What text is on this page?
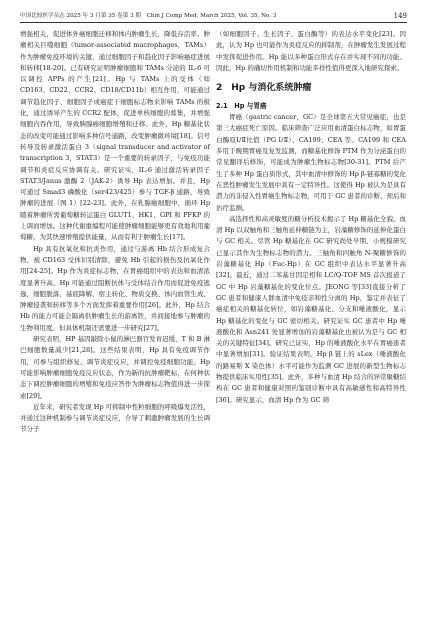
中国比较医学杂志 2025 年 3 月第 35 卷第 3 期　Chin J Comp Med, March 2025, Vol. 35, No. 3	149

增强相关，促进体外癌细胞迁移和体内肿瘤生长，降低存活率。肿瘤相关巨噬细胞（tumor-associated macrophages，TAMs）作为肿瘤免疫环境的关键，通过细胞因子和趋化因子影响癌症进展和转移[18-20]。已有研究证明肿瘤细胞和 TAMs 分泌的 IL-6 可以调控 APPs 的产生[21]。Hp 与 TAMs 上的受体（如 CD163、CD22、CCR2、CD18/CD11b）相互作用，可能通过调节趋化因子、细胞因子或癌症干细胞标志物来影响 TAMs 的极化，通过诱导产生的 CCR2 配体，促进单核细胞的募集，并增强细胞内吞作用，导致胰腺癌细胞增殖和迁移。此外，Hp 糖基化状态的改变可能通过影响多种信号通路，改变肿瘤微环境[18]。信号转导及转录激活蛋白 3（signal transducer and activator of transcription 3，STAT3）是一个重要的转录因子，与免疫功能调节和炎症反应协调有关。研究证实，IL-6 通过激活转录因子 STAT3/Janus 激酶 2（JAK-2）诱导 Hp 表达增加。并且，Hp 可通过 Smad3 磷酸化（ser423/425）参与 TGF-β 通路，导致肿瘤的进展（图 1）[22-23]。此外，在乳腺癌细胞中，循环 Hp 随着肿瘤所需葡萄糖转运蛋白 GLUT1、HK1、GPI 和 PFKP 的上调而增加。这种代谢重编程可能使肿瘤细胞能够更有效地利用葡萄糖，为其快速增殖提供能量，从而有利于肿瘤生长[17]。

Hp 具有抗氧化和抗炎作用，通过与游离 Hb 结合形成复合物，被 CD163 受体识别清除，避免 Hb 引起的损伤及抗氧化作用[24-25]。Hp 作为炎症标志物，在胃癌组织中的表达和血清浓度显著升高，Hp 可能通过阻断抗体与受体结合作用而促进免疫逃逸，细胞脱落、基底降解、宿主转化、物质交换、体内血管生成、肿瘤侵袭和转移等多个方面发挥着重要作用[26]。此外，Hp 结合 Hb 的能力可能会隔离供肿瘤生长的游离铁，并间接地参与肿瘤的生物利用度。但具体机制还需要进一步研究[27]。

研究表明，HP 基因敲除小鼠的淋巴器官发育迟缓，T 和 B 淋巴细胞数量减少[21,28]。这些结果表明，Hp 具有免疫调节作用，可参与组织修复、调节炎症反应，并调控免疫细胞功能。Hp 可能影响肿瘤细胞免疫反应状态，作为新的抗肿瘤靶标，在何种状态下调控肿瘤细胞的增殖和免疫应答作为肿瘤标志物值得进一步探索[29]。

近年来，研究者发现 Hp 可抑制中性粒细胞的呼吸爆发活性，并通过这种机制参与调节炎症反应，介导了刺激肿瘤发展的生长调节分子

（如细胞因子、生长因子、蛋白酶等）的表达水平变化[23]。因此，认为 Hp 也可能作为炎症反应的抑制剂，在肿瘤发生发展过程中发挥促进作用。Hp 能以多种蛋白形式存在并实现不同的功能。因此，Hp 的确切作用机制和功能多样性值得更深入地研究探索。

2　Hp 与消化系统肿瘤
2.1　Hp 与胃癌

胃癌（gastric cancer，GC）是全球第五大常见癌症，也是第三大癌症死亡原因。临床筛查广泛应用血清蛋白标志物，如胃蛋白酶原Ⅰ/Ⅱ比值（PG Ⅰ/Ⅱ）、CA199、CEA 等。CA199 和 CEA 多用于晚期胃癌及复发监测，而糖基化修饰 PTM 作为分泌蛋白的常见翻译后修饰，可能成为肿瘤生物标志物[30-31]。PTM 后产生了多种 Hp 蛋白质形式，其中血清中修饰的 Hp β-链寡糖的变化在恶性肿瘤发生发展中具有一定特异性。这使得 Hp 被认为是具有潜力的非侵入性胃癌生物标志物，可用于 GC 患者的诊断、预后和治疗监测。

高选择性和高灵敏度的糖分析技术揭示了 Hp 糖基化全貌。血清 Hp 以双触角和三触角延伸糖链为主，岩藻糖修饰的延伸化蛋白与 GC 相关。尽管 Hp 糖基化在 GC 研究尚处早期，小规模研究已显示其作为生物标志物的潜力。三触角和四触角 N-聚糖修饰的岩藻糖基化 Hp（Fuc-Hp）在 GC 组织中表达水平显著升高[32]。最近，通过二苯基甘因定相和 LC/Q-TOF MS 首次报道了 GC 中 Hp 岩藻糖基化的变化位点。JEONG 等[33]直接分析了 GC 患者和健康人群血清中免疫亲和性分离的 Hp，鉴定并表征了癌症相关的糖基化转位，如岩藻糖基化、分支和唾液酸化，显示 Hp 糖基化的变化与 GC 密切相关。研究证实 GC 患者中 Hp 唾液酸化和 Asn241 处显著增加的岩藻糖基化也被认为是与 GC 相关的关键特征[34]。研究已证实，Hp 的唾液酸化水平在胃癌患者中显著增加[31]。验证结果表明，Hp β 链上的 sLex（唾液酸化的路易斯 X 染色体）水平可能作为监测 GC 进展的新型生物标志物提供临床实用性[35]。此外，多种与血清 Hp 结合的异常聚糖结构在 GC 患者和健康对照的鉴别诊断中具有高敏感性和高特异性[36]。研究显示，血清 Hp 作为 GC 筛
